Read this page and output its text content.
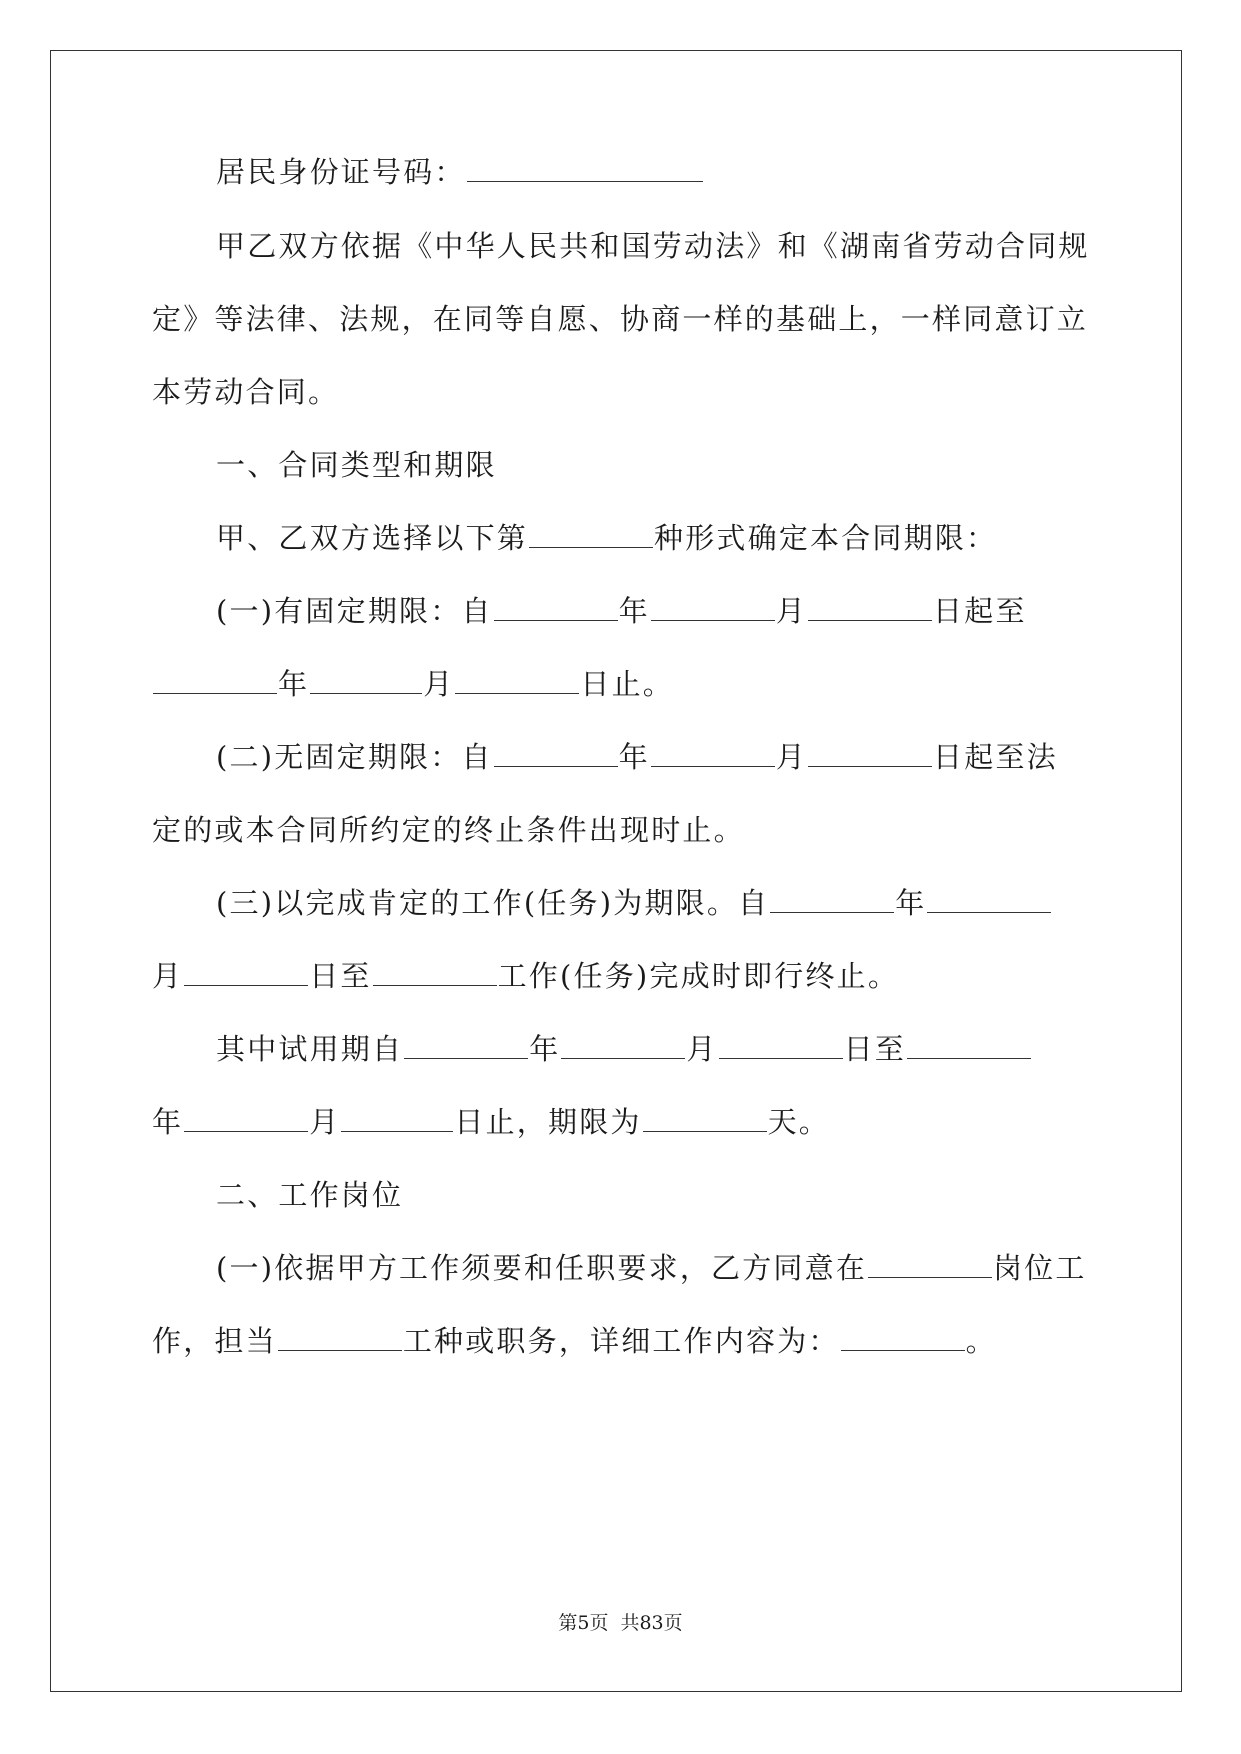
居民身份证号码：
甲乙双方依据《中华人民共和国劳动法》和《湖南省劳动合同规
定》等法律、法规，在同等自愿、协商一样的基础上，一样同意订立
本劳动合同。
一、合同类型和期限
甲、乙双方选择以下第	种形式确定本合同期限：
(一)有固定期限：自	年	月	日起至
年	月	日止。
(二)无固定期限：自	年	月	日起至法
定的或本合同所约定的终止条件出现时止。
(三)以完成肯定的工作(任务)为期限。自	年
月	日至	工作(任务)完成时即行终止。
其中试用期自	年	月	日至
年	月	日止，期限为	天。
二、工作岗位
(一)依据甲方工作须要和任职要求，乙方同意在	岗位工
作，担当	工种或职务，详细工作内容为：	。
第5页 共83页
